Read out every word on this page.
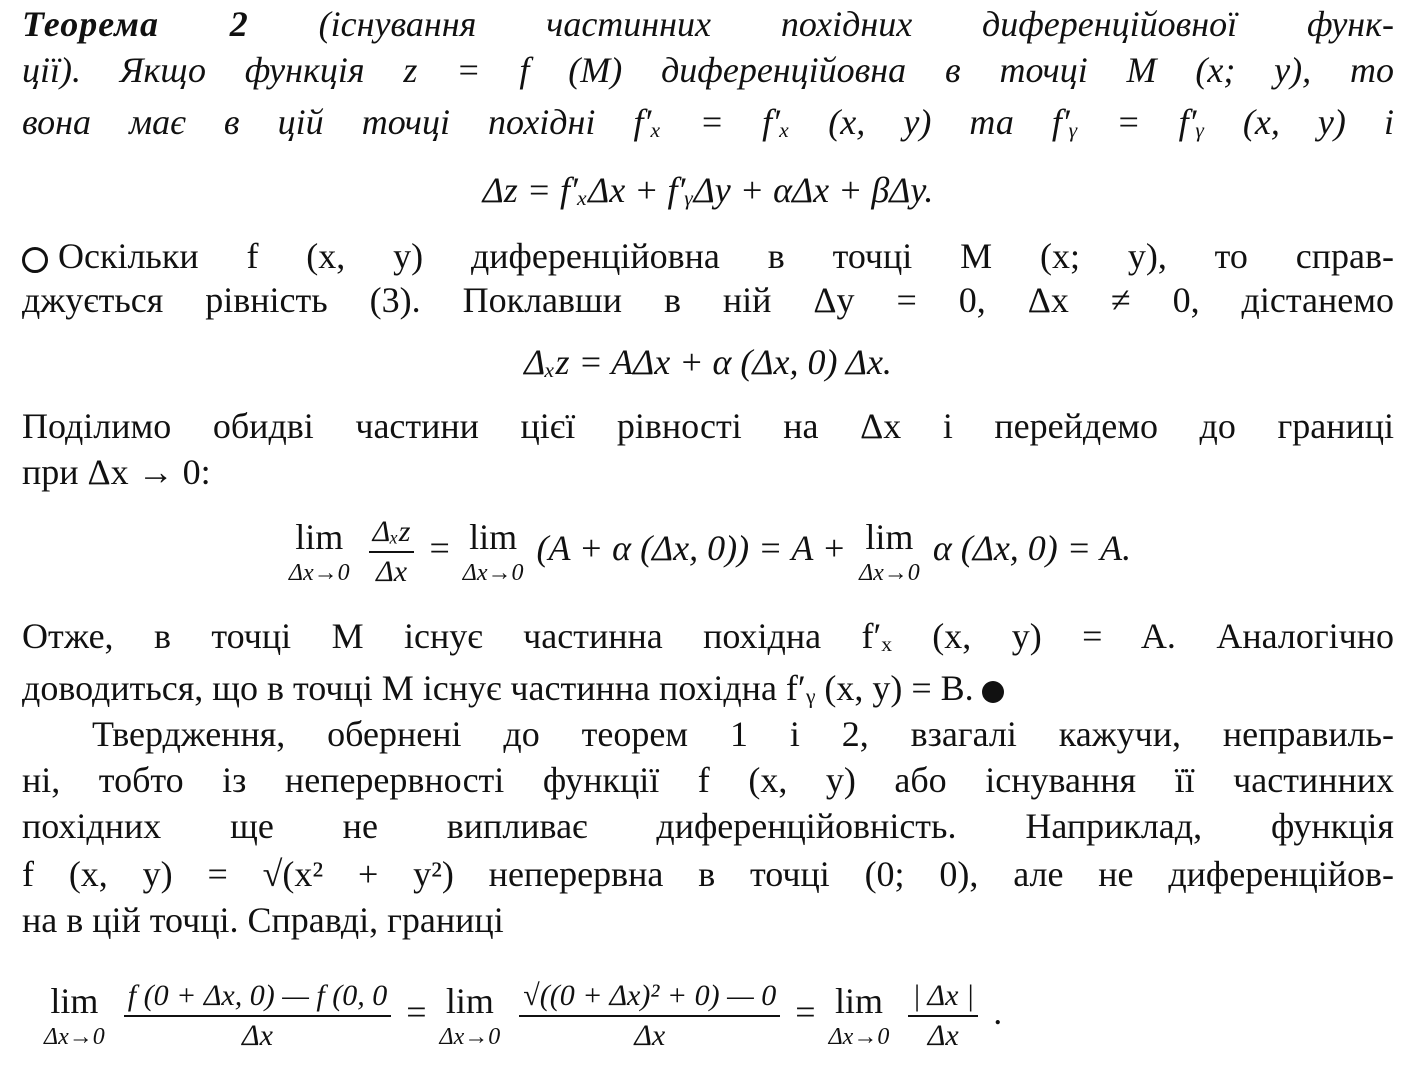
Теорема 2 (існування частинних похідних диференційовної функ-
ції). Якщо функція z = f (M) диференційовна в точці M (x; y), то
вона має в цій точці похідні f′ₓ = f′ₓ (x, y) та f′ᵧ = f′ᵧ (x, y) і
Δz = f′ₓΔx + f′ᵧΔy + αΔx + βΔy.
Оскільки f (x, y) диференційовна в точці M (x; y), то справ-
джується рівність (3). Поклавши в ній Δy = 0, Δx ≠ 0, дістанемо
Δₓz = AΔx + α (Δx, 0) Δx.
Поділимо обидві частини цієї рівності на Δx і перейдемо до границі
при Δx → 0:
lim
Δx→0
$\frac{\text{Δₓz}}{\Delta x} = \lim$
Δx→0
(A + α (Δx, 0)) = A + lim
Δx→0
α (Δx, 0) = A.
Отже, в точці M існує частинна похідна f′ₓ (x, y) = A. Аналогічно
доводиться, що в точці M існує частинна похідна f′ᵧ (x, y) = B.
Твердження, обернені до теорем 1 і 2, взагалі кажучи, неправиль-
ні, тобто із неперервності функції f (x, y) або існування її частинних
похідних ще не випливає диференційовність. Наприклад, функція
f (x, y) = √(x² + y²) неперервна в точці (0; 0), але не диференційов-
на в цій точці. Справді, границі
lim
Δx→0
$\frac{f (0 + \Delta x, 0) — f (0, 0}{\Delta x} = \lim$
Δx→0
$\frac{\text{√((0 + Δx)² + 0) — 0}}{\Delta x} = \lim$
Δx→0
$\frac{| \Delta x |}{\Delta x}$ .
